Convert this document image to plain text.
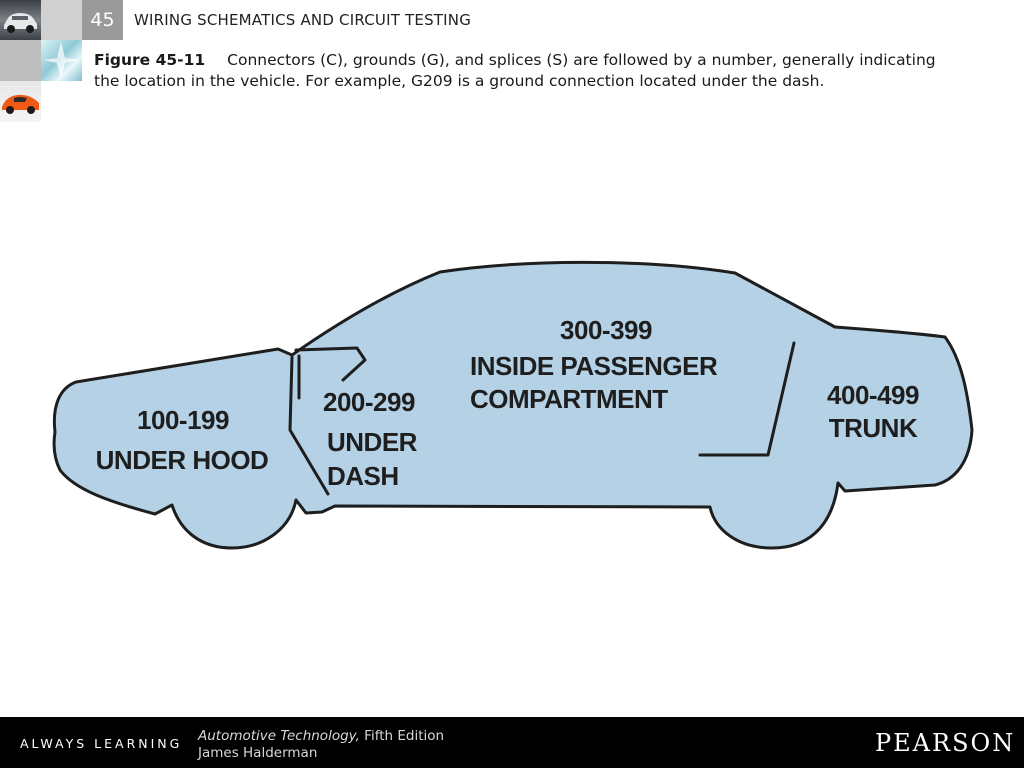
45	WIRING SCHEMATICS AND CIRCUIT TESTING
Figure 45-11 Connectors (C), grounds (G), and splices (S) are followed by a number, generally indicating the location in the vehicle. For example, G209 is a ground connection located under the dash.
100-199
UNDER HOOD
200-299
UNDER
DASH
300-399
INSIDE PASSENGER
COMPARTMENT	400-499
TRUNK
ALWAYS LEARNING Automotive Technology, Fifth Edition
James Halderman	PEARSON
